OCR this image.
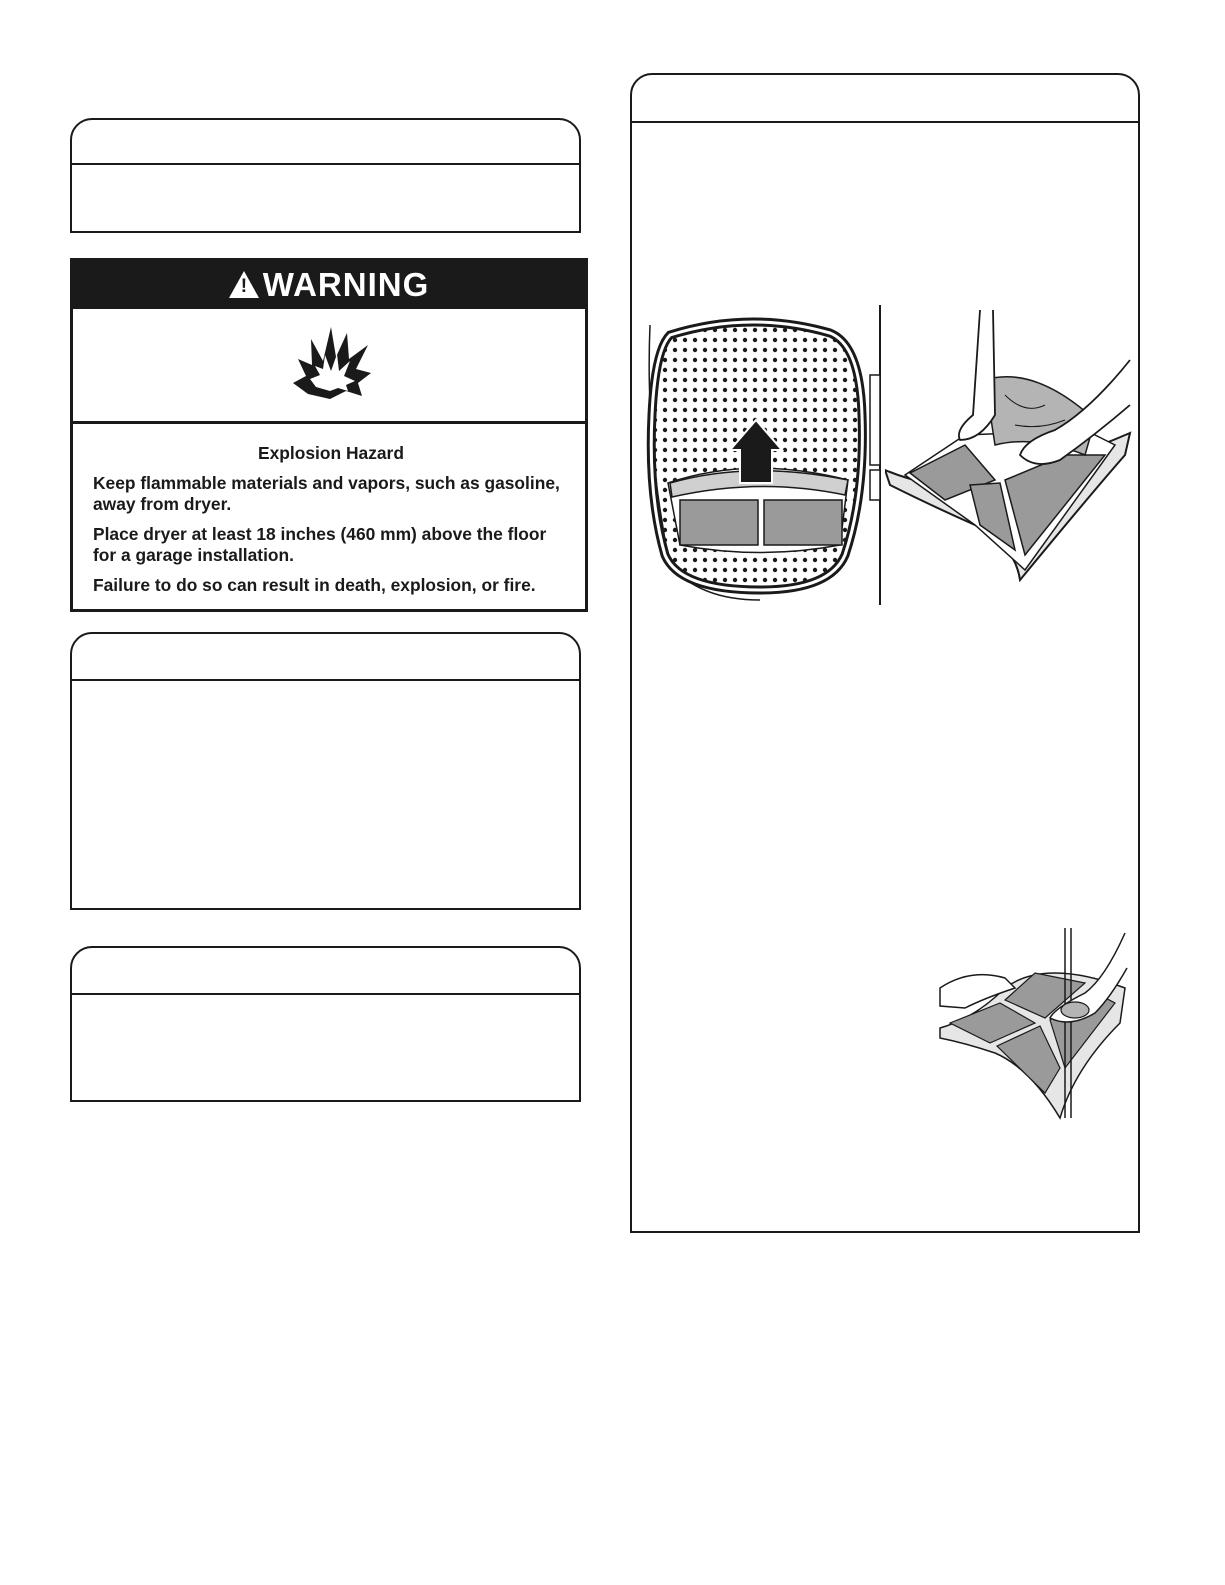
! WARNING
Explosion Hazard

Keep flammable materials and vapors, such as gasoline, away from dryer.

Place dryer at least 18 inches (460 mm) above the floor for a garage installation.

Failure to do so can result in death, explosion, or fire.
